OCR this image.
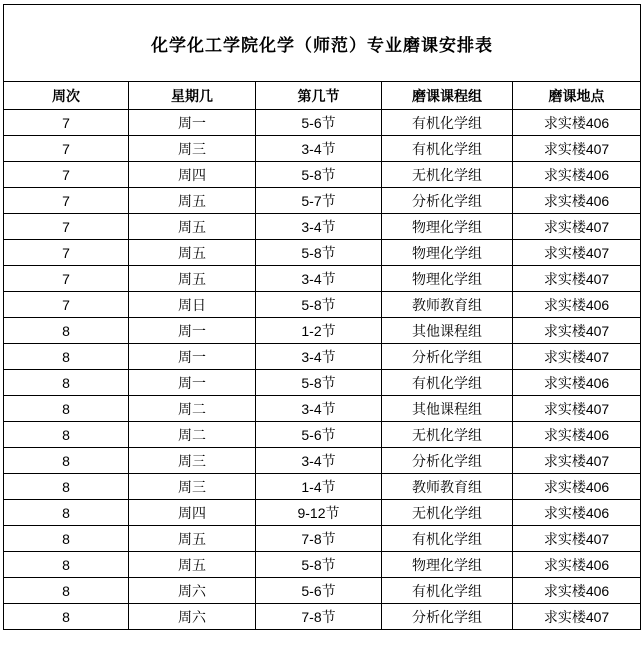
化学化工学院化学（师范）专业磨课安排表				
周次	星期几	第几节	磨课课程组	磨课地点
7	周一	5-6节	有机化学组	求实楼406
7	周三	3-4节	有机化学组	求实楼407
7	周四	5-8节	无机化学组	求实楼406
7	周五	5-7节	分析化学组	求实楼406
7	周五	3-4节	物理化学组	求实楼407
7	周五	5-8节	物理化学组	求实楼407
7	周五	3-4节	物理化学组	求实楼407
7	周日	5-8节	教师教育组	求实楼406
8	周一	1-2节	其他课程组	求实楼407
8	周一	3-4节	分析化学组	求实楼407
8	周一	5-8节	有机化学组	求实楼406
8	周二	3-4节	其他课程组	求实楼407
8	周二	5-6节	无机化学组	求实楼406
8	周三	3-4节	分析化学组	求实楼407
8	周三	1-4节	教师教育组	求实楼406
8	周四	9-12节	无机化学组	求实楼406
8	周五	7-8节	有机化学组	求实楼407
8	周五	5-8节	物理化学组	求实楼406
8	周六	5-6节	有机化学组	求实楼406
8	周六	7-8节	分析化学组	求实楼407
